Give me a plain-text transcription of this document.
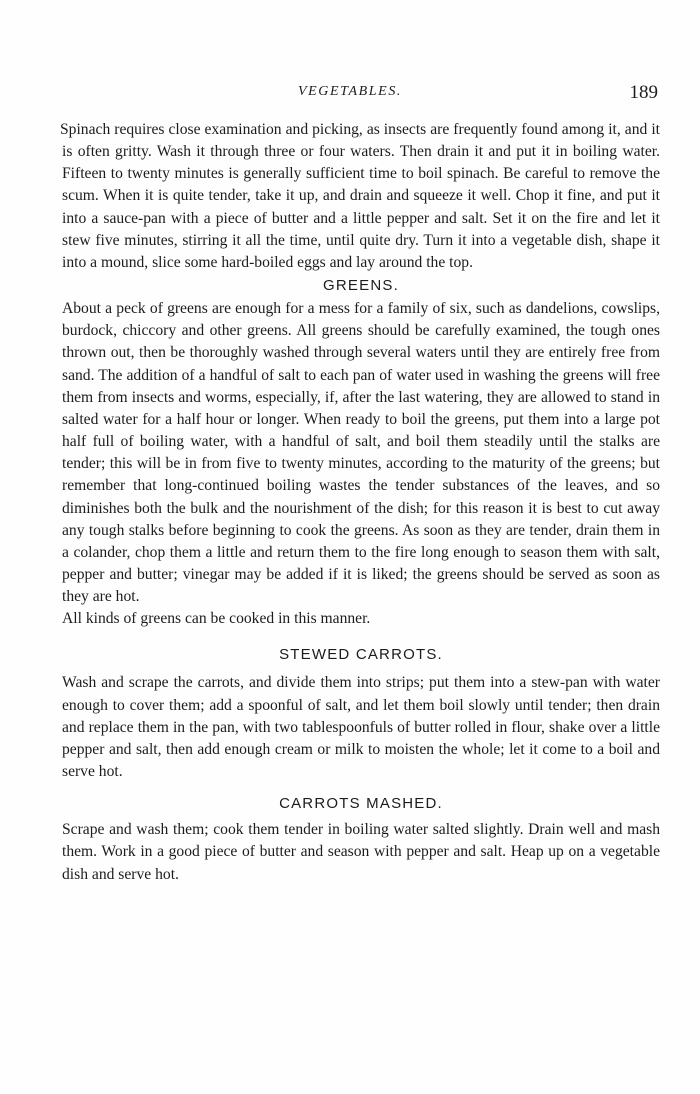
VEGETABLES.	189

Spinach requires close examination and picking, as insects are frequently found among it, and it is often gritty. Wash it through three or four waters. Then drain it and put it in boiling water. Fifteen to twenty minutes is generally sufficient time to boil spinach. Be careful to remove the scum. When it is quite tender, take it up, and drain and squeeze it well. Chop it fine, and put it into a sauce-pan with a piece of butter and a little pepper and salt. Set it on the fire and let it stew five minutes, stirring it all the time, until quite dry. Turn it into a vegetable dish, shape it into a mound, slice some hard-boiled eggs and lay around the top.

GREENS.

About a peck of greens are enough for a mess for a family of six, such as dandelions, cowslips, burdock, chiccory and other greens. All greens should be carefully examined, the tough ones thrown out, then be thoroughly washed through several waters until they are entirely free from sand. The addition of a handful of salt to each pan of water used in washing the greens will free them from insects and worms, especially, if, after the last watering, they are allowed to stand in salted water for a half hour or longer. When ready to boil the greens, put them into a large pot half full of boiling water, with a handful of salt, and boil them steadily until the stalks are tender; this will be in from five to twenty minutes, according to the maturity of the greens; but remember that long-continued boiling wastes the tender substances of the leaves, and so diminishes both the bulk and the nourishment of the dish; for this reason it is best to cut away any tough stalks before beginning to cook the greens. As soon as they are tender, drain them in a colander, chop them a little and return them to the fire long enough to season them with salt, pepper and butter; vinegar may be added if it is liked; the greens should be served as soon as they are hot.

All kinds of greens can be cooked in this manner.

STEWED CARROTS.

Wash and scrape the carrots, and divide them into strips; put them into a stew-pan with water enough to cover them; add a spoonful of salt, and let them boil slowly until tender; then drain and replace them in the pan, with two tablespoonfuls of butter rolled in flour, shake over a little pepper and salt, then add enough cream or milk to moisten the whole; let it come to a boil and serve hot.

CARROTS MASHED.

Scrape and wash them; cook them tender in boiling water salted slightly. Drain well and mash them. Work in a good piece of butter and season with pepper and salt. Heap up on a vegetable dish and serve hot.
